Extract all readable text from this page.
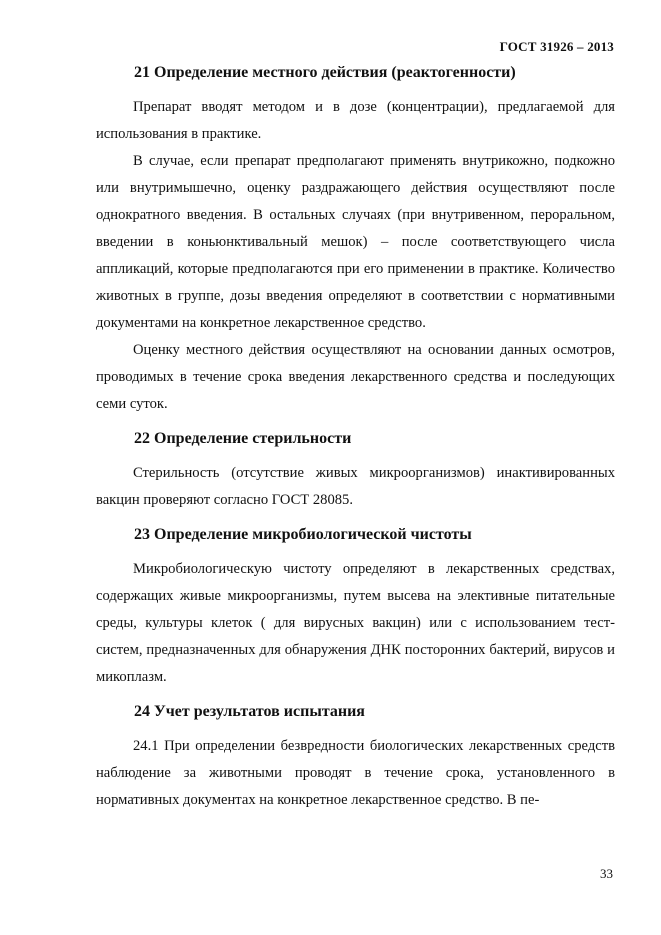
ГОСТ 31926 – 2013
21 Определение местного действия (реактогенности)

Препарат вводят методом и в дозе (концентрации), предлагаемой для использования в практике.

В случае, если препарат предполагают применять внутрикожно, подкожно или внутримышечно, оценку раздражающего действия осуществляют после однократного введения. В остальных случаях (при внутривенном, пероральном, введении в коньюнктивальный мешок) – после соответствующего числа аппликаций, которые предполагаются при его применении в практике. Количество животных в группе, дозы введения определяют в соответствии с нормативными документами на конкретное лекарственное средство.

Оценку местного действия осуществляют на основании данных осмотров, проводимых в течение срока введения лекарственного средства и последующих семи суток.

22 Определение стерильности

Стерильность (отсутствие живых микроорганизмов) инактивированных вакцин проверяют согласно ГОСТ 28085.

23 Определение микробиологической чистоты

Микробиологическую чистоту определяют в лекарственных средствах, содержащих живые микроорганизмы, путем высева на элективные питательные среды, культуры клеток ( для вирусных вакцин) или с использованием тест-систем, предназначенных для обнаружения ДНК посторонних бактерий, вирусов и микоплазм.

24 Учет результатов испытания

24.1 При определении безвредности биологических лекарственных средств наблюдение за животными проводят в течение срока, установленного в нормативных документах на конкретное лекарственное средство. В пе-

33
